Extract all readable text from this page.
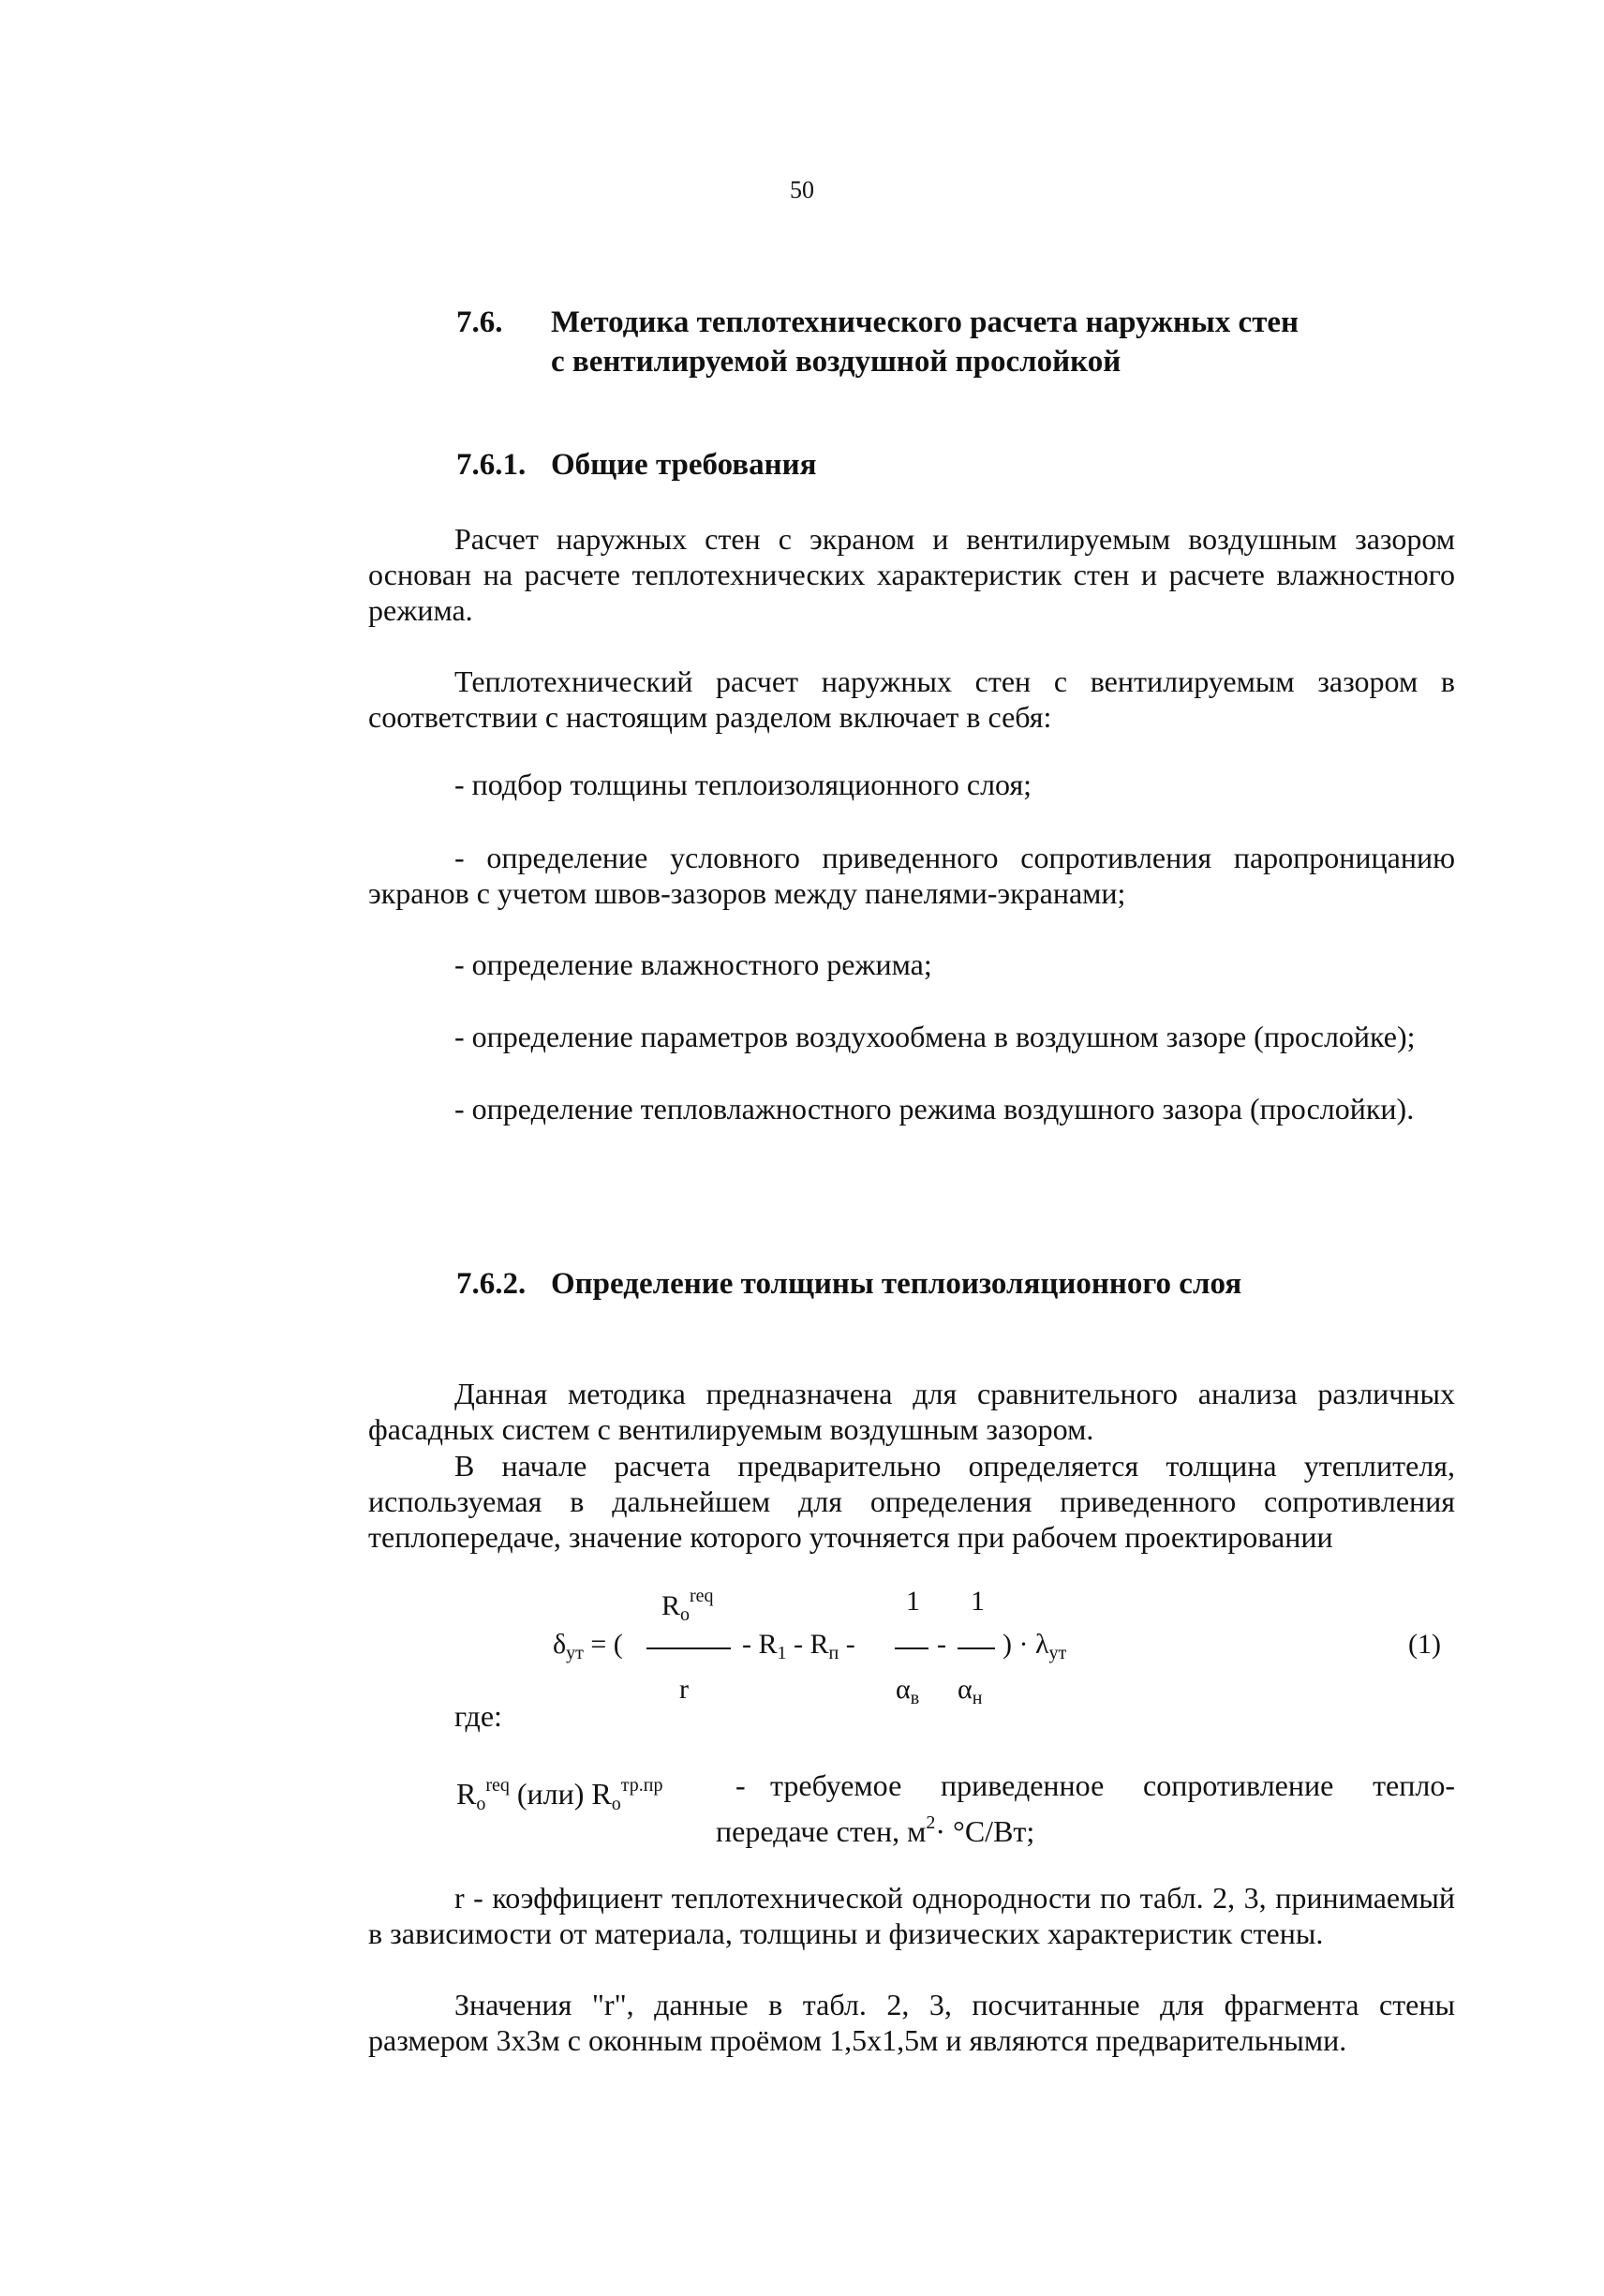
50
7.6. Методика теплотехнического расчета наружных стен
с вентилируемой воздушной прослойкой
7.6.1. Общие требования
Расчет наружных стен с экраном и вентилируемым воздушным зазором основан на расчете теплотехнических характеристик стен и расчете влажностного режима.
Теплотехнический расчет наружных стен с вентилируемым зазором в соответствии с настоящим разделом включает в себя:
- подбор толщины теплоизоляционного слоя;
- определение условного приведенного сопротивления паропроницанию экранов с учетом швов-зазоров между панелями-экранами;
- определение влажностного режима;
- определение параметров воздухообмена в воздушном зазоре (прослойке);
- определение тепловлажностного режима воздушного зазора (прослойки).
7.6.2. Определение толщины теплоизоляционного слоя
Данная методика предназначена для сравнительного анализа различных фасадных систем с вентилируемым воздушным зазором.
В начале расчета предварительно определяется толщина утеплителя, используемая в дальнейшем для определения приведенного сопротивления теплопередаче, значение которого уточняется при рабочем проектировании
$R_о^{req}$
$\delta_{ут}$ = (	- $R_1 - R_п$ -
1
$\alpha_в$
-
1
$\alpha_н$
) · $\lambda_{ут}$
r
(1)
где:
$R_о^{req}$ (или) $R_о^{тр.пр}$ - требуемое приведенное сопротивление тепло-
передаче стен, $м^2\cdot ^\circ С/Вт$;
r - коэффициент теплотехнической однородности по табл. 2, 3, принимаемый в зависимости от материала, толщины и физических характеристик стены.
Значения "r", данные в табл. 2, 3, посчитанные для фрагмента стены размером 3х3м с оконным проёмом 1,5х1,5м и являются предварительными.
